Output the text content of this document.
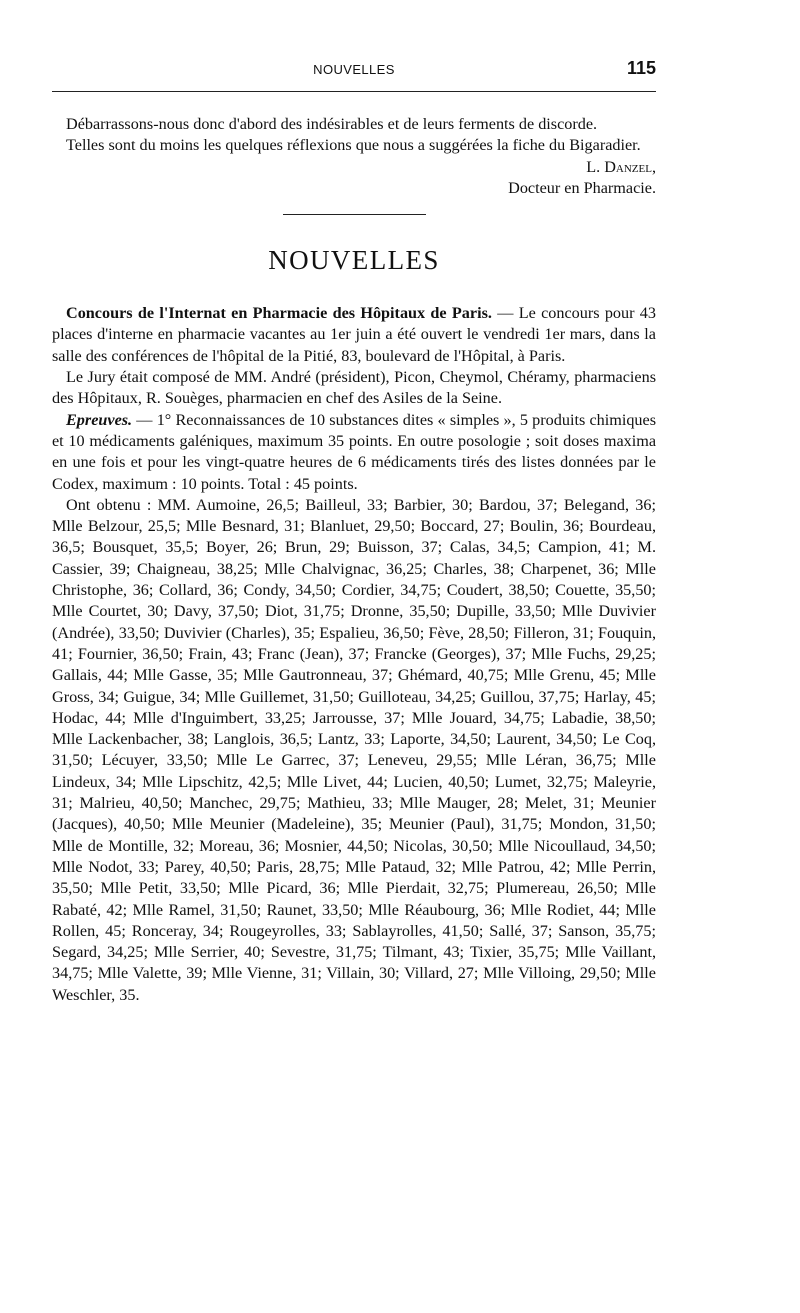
NOUVELLES	115

Débarrassons-nous donc d'abord des indésirables et de leurs ferments de discorde.

Telles sont du moins les quelques réflexions que nous a suggérées la fiche du Bigaradier.

L. Danzel,

Docteur en Pharmacie.

NOUVELLES

Concours de l'Internat en Pharmacie des Hôpitaux de Paris. — Le concours pour 43 places d'interne en pharmacie vacantes au 1er juin a été ouvert le vendredi 1er mars, dans la salle des conférences de l'hôpital de la Pitié, 83, boulevard de l'Hôpital, à Paris.

Le Jury était composé de MM. André (président), Picon, Cheymol, Chéramy, pharmaciens des Hôpitaux, R. Souèges, pharmacien en chef des Asiles de la Seine.

Epreuves. — 1° Reconnaissances de 10 substances dites « simples », 5 produits chimiques et 10 médicaments galéniques, maximum 35 points. En outre posologie ; soit doses maxima en une fois et pour les vingt-quatre heures de 6 médicaments tirés des listes données par le Codex, maximum : 10 points. Total : 45 points.

Ont obtenu : MM. Aumoine, 26,5; Bailleul, 33; Barbier, 30; Bardou, 37; Belegand, 36; Mlle Belzour, 25,5; Mlle Besnard, 31; Blanluet, 29,50; Boccard, 27; Boulin, 36; Bourdeau, 36,5; Bousquet, 35,5; Boyer, 26; Brun, 29; Buisson, 37; Calas, 34,5; Campion, 41; M. Cassier, 39; Chaigneau, 38,25; Mlle Chalvignac, 36,25; Charles, 38; Charpenet, 36; Mlle Christophe, 36; Collard, 36; Condy, 34,50; Cordier, 34,75; Coudert, 38,50; Couette, 35,50; Mlle Courtet, 30; Davy, 37,50; Diot, 31,75; Dronne, 35,50; Dupille, 33,50; Mlle Duvivier (Andrée), 33,50; Duvivier (Charles), 35; Espalieu, 36,50; Fève, 28,50; Filleron, 31; Fouquin, 41; Fournier, 36,50; Frain, 43; Franc (Jean), 37; Francke (Georges), 37; Mlle Fuchs, 29,25; Gallais, 44; Mlle Gasse, 35; Mlle Gautronneau, 37; Ghémard, 40,75; Mlle Grenu, 45; Mlle Gross, 34; Guigue, 34; Mlle Guillemet, 31,50; Guilloteau, 34,25; Guillou, 37,75; Harlay, 45; Hodac, 44; Mlle d'Inguimbert, 33,25; Jarrousse, 37; Mlle Jouard, 34,75; Labadie, 38,50; Mlle Lackenbacher, 38; Langlois, 36,5; Lantz, 33; Laporte, 34,50; Laurent, 34,50; Le Coq, 31,50; Lécuyer, 33,50; Mlle Le Garrec, 37; Leneveu, 29,55; Mlle Léran, 36,75; Mlle Lindeux, 34; Mlle Lipschitz, 42,5; Mlle Livet, 44; Lucien, 40,50; Lumet, 32,75; Maleyrie, 31; Malrieu, 40,50; Manchec, 29,75; Mathieu, 33; Mlle Mauger, 28; Melet, 31; Meunier (Jacques), 40,50; Mlle Meunier (Madeleine), 35; Meunier (Paul), 31,75; Mondon, 31,50; Mlle de Montille, 32; Moreau, 36; Mosnier, 44,50; Nicolas, 30,50; Mlle Nicoullaud, 34,50; Mlle Nodot, 33; Parey, 40,50; Paris, 28,75; Mlle Pataud, 32; Mlle Patrou, 42; Mlle Perrin, 35,50; Mlle Petit, 33,50; Mlle Picard, 36; Mlle Pierdait, 32,75; Plumereau, 26,50; Mlle Rabaté, 42; Mlle Ramel, 31,50; Raunet, 33,50; Mlle Réaubourg, 36; Mlle Rodiet, 44; Mlle Rollen, 45; Ronceray, 34; Rougeyrolles, 33; Sablayrolles, 41,50; Sallé, 37; Sanson, 35,75; Segard, 34,25; Mlle Serrier, 40; Sevestre, 31,75; Tilmant, 43; Tixier, 35,75; Mlle Vaillant, 34,75; Mlle Valette, 39; Mlle Vienne, 31; Villain, 30; Villard, 27; Mlle Villoing, 29,50; Mlle Weschler, 35.
